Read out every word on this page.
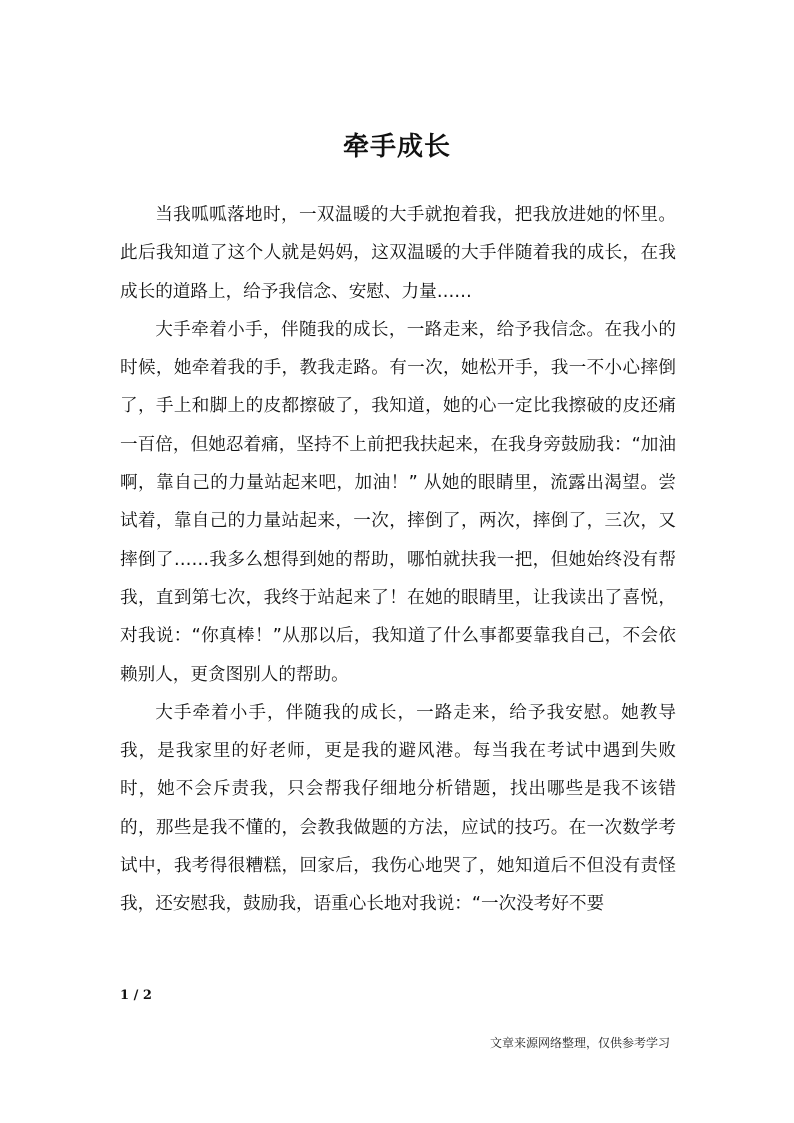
牵手成长

当我呱呱落地时，一双温暖的大手就抱着我，把我放进她的怀里。此后我知道了这个人就是妈妈，这双温暖的大手伴随着我的成长，在我成长的道路上，给予我信念、安慰、力量……

大手牵着小手，伴随我的成长，一路走来，给予我信念。在我小的时候，她牵着我的手，教我走路。有一次，她松开手，我一不小心摔倒了，手上和脚上的皮都擦破了，我知道，她的心一定比我擦破的皮还痛一百倍，但她忍着痛，坚持不上前把我扶起来，在我身旁鼓励我：“加油啊，靠自己的力量站起来吧，加油！” 从她的眼睛里，流露出渴望。尝试着，靠自己的力量站起来，一次，摔倒了，两次，摔倒了，三次，又摔倒了……我多么想得到她的帮助，哪怕就扶我一把，但她始终没有帮我，直到第七次，我终于站起来了！在她的眼睛里，让我读出了喜悦，对我说：“你真棒！”从那以后，我知道了什么事都要靠我自己，不会依赖别人，更贪图别人的帮助。

大手牵着小手，伴随我的成长，一路走来，给予我安慰。她教导我，是我家里的好老师，更是我的避风港。每当我在考试中遇到失败时，她不会斥责我，只会帮我仔细地分析错题，找出哪些是我不该错的，那些是我不懂的，会教我做题的方法，应试的技巧。在一次数学考试中，我考得很糟糕，回家后，我伤心地哭了，她知道后不但没有责怪我，还安慰我，鼓励我，语重心长地对我说：“一次没考好不要

1 / 2
文章来源网络整理，仅供参考学习
